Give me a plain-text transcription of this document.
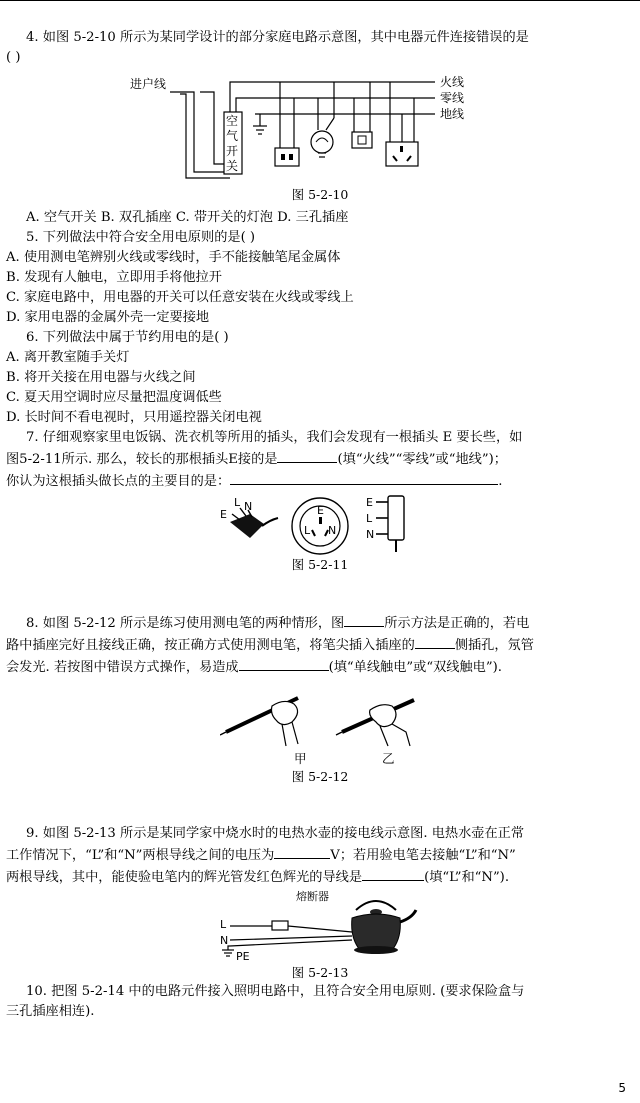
4. 如图 5-2-10 所示为某同学设计的部分家庭电路示意图，其中电器元件连接错误的是
( )
进户线
空
气
开
关
火线
零线
地线
图 5-2-10
A. 空气开关 B. 双孔插座 C. 带开关的灯泡 D. 三孔插座
5. 下列做法中符合安全用电原则的是( )
A. 使用测电笔辨别火线或零线时，手不能接触笔尾金属体
B. 发现有人触电，立即用手将他拉开
C. 家庭电路中，用电器的开关可以任意安装在火线或零线上
D. 家用电器的金属外壳一定要接地
6. 下列做法中属于节约用电的是( )
A. 离开教室随手关灯
B. 将开关接在用电器与火线之间
C. 夏天用空调时应尽量把温度调低些
D. 长时间不看电视时，只用遥控器关闭电视
7. 仔细观察家里电饭锅、洗衣机等所用的插头，我们会发现有一根插头 E 要长些，如
图5-2-11所示. 那么，较长的那根插头E接的是	(填“火线”“零线”或“地线”)；
你认为这根插头做长点的主要目的是：	.
E
L N	E
L N
E
L
N
图 5-2-11
8. 如图 5-2-12 所示是练习使用测电笔的两种情形，图	所示方法是正确的，若电
路中插座完好且接线正确，按正确方式使用测电笔，将笔尖插入插座的	侧插孔，氖管
会发光. 若按图中错误方式操作，易造成	(填“单线触电”或“双线触电”).
甲	乙
图 5-2-12
9. 如图 5-2-13 所示是某同学家中烧水时的电热水壶的接电线示意图. 电热水壶在正常
工作情况下，“L”和“N”两根导线之间的电压为	V；若用验电笔去接触“L”和“N”
两根导线，其中，能使验电笔内的辉光管发红色辉光的导线是	(填“L”和“N”).
熔断器
L
N
PE
图 5-2-13
10. 把图 5-2-14 中的电路元件接入照明电路中，且符合安全用电原则. (要求保险盒与
三孔插座相连).
5
